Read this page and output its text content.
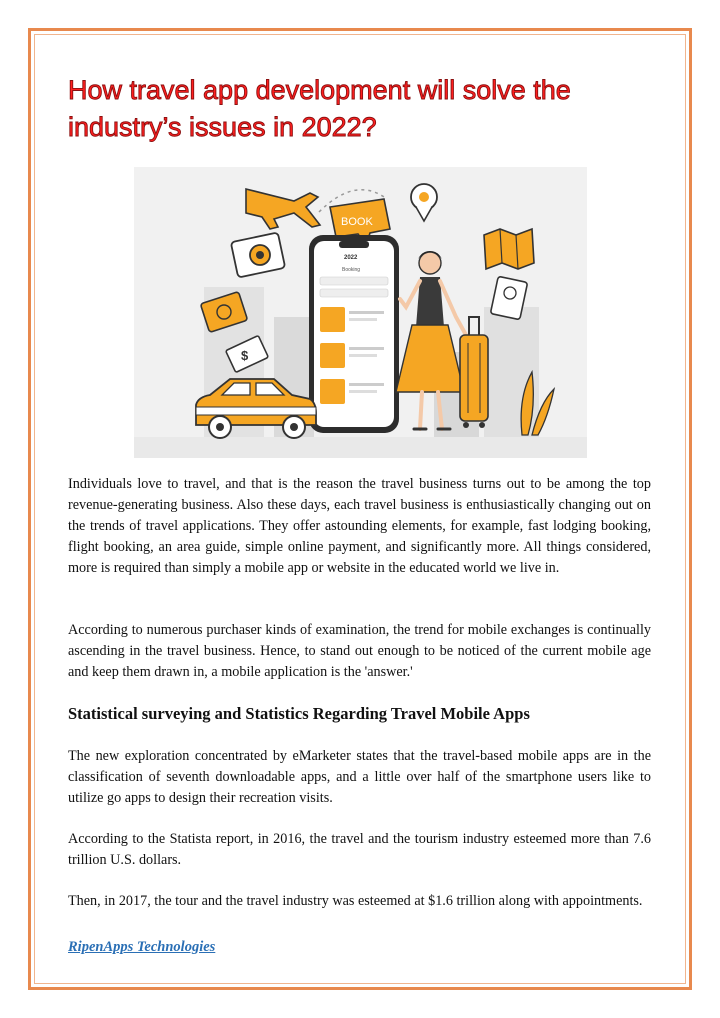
How travel app development will solve the industry’s issues in 2022?
$
BOOK
2022
Booking

Individuals love to travel, and that is the reason the travel business turns out to be among the top revenue-generating business. Also these days, each travel business is enthusiastically changing out on the trends of travel applications. They offer astounding elements, for example, fast lodging booking, flight booking, an area guide, simple online payment, and significantly more. All things considered, more is required than simply a mobile app or website in the educated world we live in.

According to numerous purchaser kinds of examination, the trend for mobile exchanges is continually ascending in the travel business. Hence, to stand out enough to be noticed of the current mobile age and keep them drawn in, a mobile application is the 'answer.'

Statistical surveying and Statistics Regarding Travel Mobile Apps

The new exploration concentrated by eMarketer states that the travel-based mobile apps are in the classification of seventh downloadable apps, and a little over half of the smartphone users like to utilize go apps to design their recreation visits.

According to the Statista report, in 2016, the travel and the tourism industry esteemed more than 7.6 trillion U.S. dollars.

Then, in 2017, the tour and the travel industry was esteemed at $1.6 trillion along with appointments.

RipenApps Technologies
